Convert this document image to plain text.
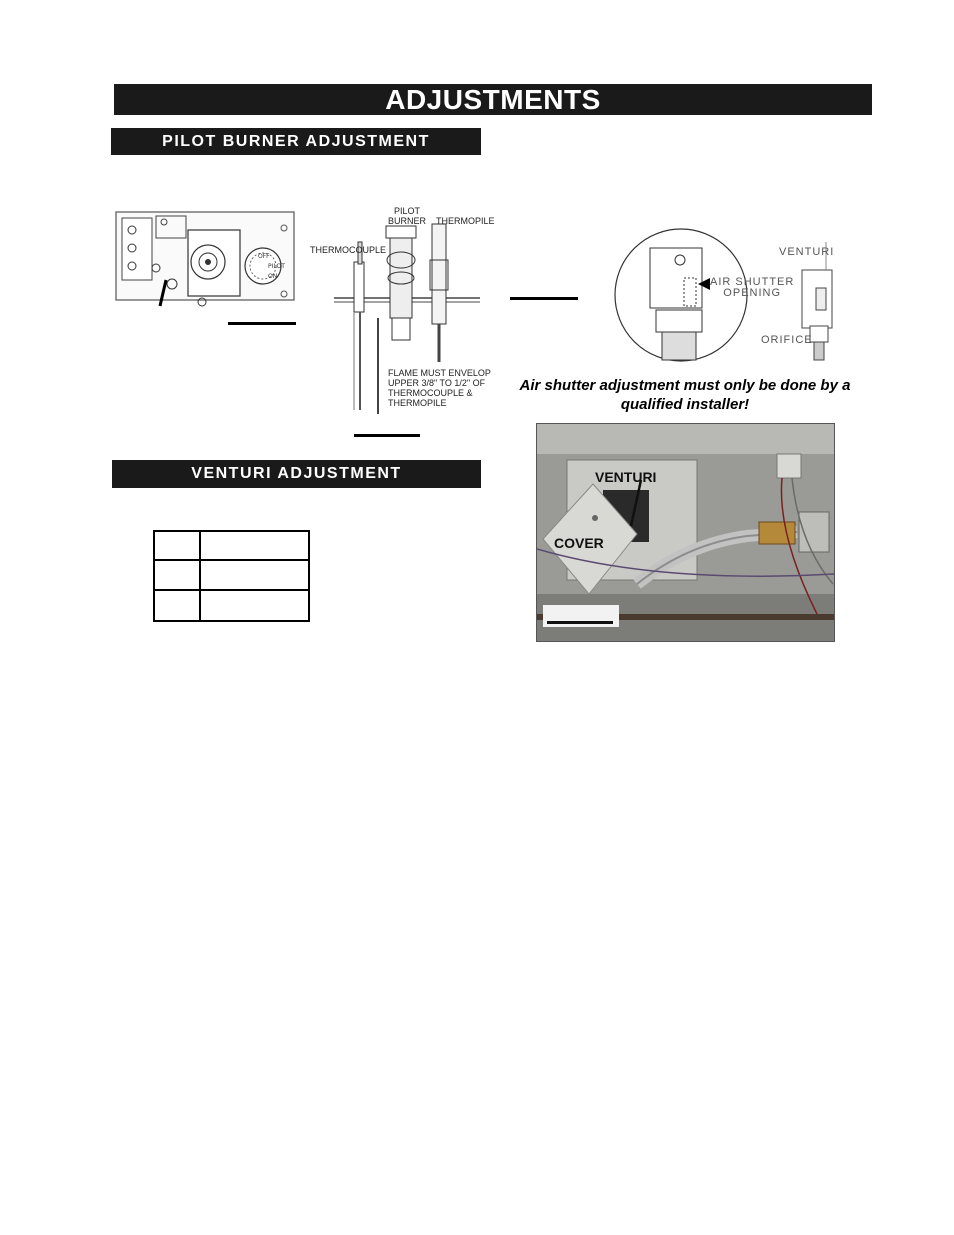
ADJUSTMENTS
PILOT BURNER ADJUSTMENT
OFF
PILOT
ON
PILOT
BURNER THERMOPILE
THERMOCOUPLE
FLAME MUST ENVELOP
UPPER 3/8" TO 1/2" OF
THERMOCOUPLE &
THERMOPILE
VENTURI
AIR SHUTTER
OPENING
ORIFICE
Air shutter adjustment must only be done by a
qualified installer!
VENTURI ADJUSTMENT

		VENTURI
COVER
